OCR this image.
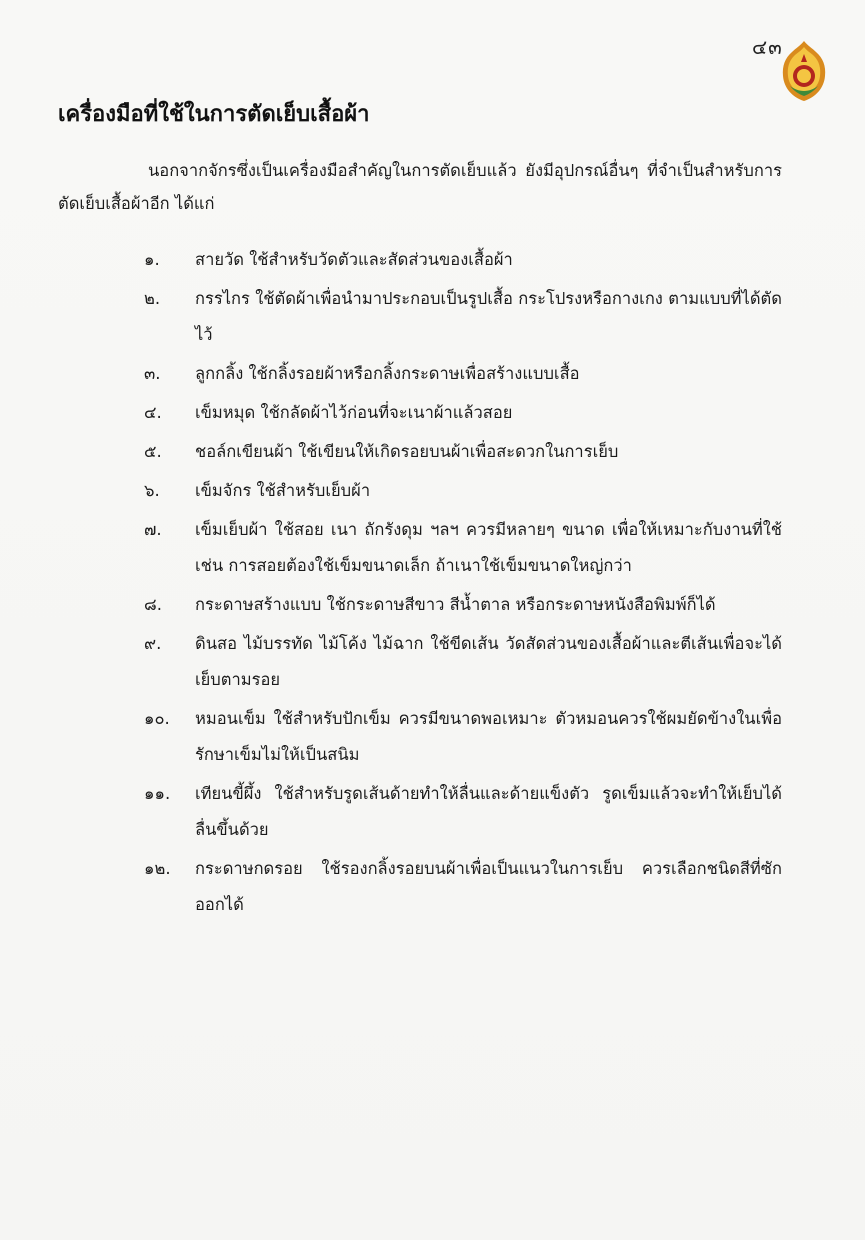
๔๓
เครื่องมือที่ใช้ในการตัดเย็บเสื้อผ้า

นอกจากจักรซึ่งเป็นเครื่องมือสำคัญในการตัดเย็บแล้ว ยังมีอุปกรณ์อื่นๆ ที่จำเป็นสำหรับการตัดเย็บเสื้อผ้าอีก ได้แก่

๑.	สายวัด ใช้สำหรับวัดตัวและสัดส่วนของเสื้อผ้า
๒.	กรรไกร ใช้ตัดผ้าเพื่อนำมาประกอบเป็นรูปเสื้อ กระโปรงหรือกางเกง ตามแบบที่ได้ตัดไว้
๓.	ลูกกลิ้ง ใช้กลิ้งรอยผ้าหรือกลิ้งกระดาษเพื่อสร้างแบบเสื้อ
๔.	เข็มหมุด ใช้กลัดผ้าไว้ก่อนที่จะเนาผ้าแล้วสอย
๕.	ชอล์กเขียนผ้า ใช้เขียนให้เกิดรอยบนผ้าเพื่อสะดวกในการเย็บ
๖.	เข็มจักร ใช้สำหรับเย็บผ้า
๗.	เข็มเย็บผ้า ใช้สอย เนา ถักรังดุม ฯลฯ ควรมีหลายๆ ขนาด เพื่อให้เหมาะกับงานที่ใช้ เช่น การสอยต้องใช้เข็มขนาดเล็ก ถ้าเนาใช้เข็มขนาดใหญ่กว่า
๘.	กระดาษสร้างแบบ ใช้กระดาษสีขาว สีน้ำตาล หรือกระดาษหนังสือพิมพ์ก็ได้
๙.	ดินสอ ไม้บรรทัด ไม้โค้ง ไม้ฉาก ใช้ขีดเส้น วัดสัดส่วนของเสื้อผ้าและตีเส้นเพื่อจะได้เย็บตามรอย
๑๐.	หมอนเข็ม ใช้สำหรับปักเข็ม ควรมีขนาดพอเหมาะ ตัวหมอนควรใช้ผมยัดข้างในเพื่อรักษาเข็มไม่ให้เป็นสนิม
๑๑.	เทียนขี้ผึ้ง ใช้สำหรับรูดเส้นด้ายทำให้ลื่นและด้ายแข็งตัว รูดเข็มแล้วจะทำให้เย็บได้ลื่นขึ้นด้วย
๑๒.	กระดาษกดรอย ใช้รองกลิ้งรอยบนผ้าเพื่อเป็นแนวในการเย็บ ควรเลือกชนิดสีที่ซักออกได้
